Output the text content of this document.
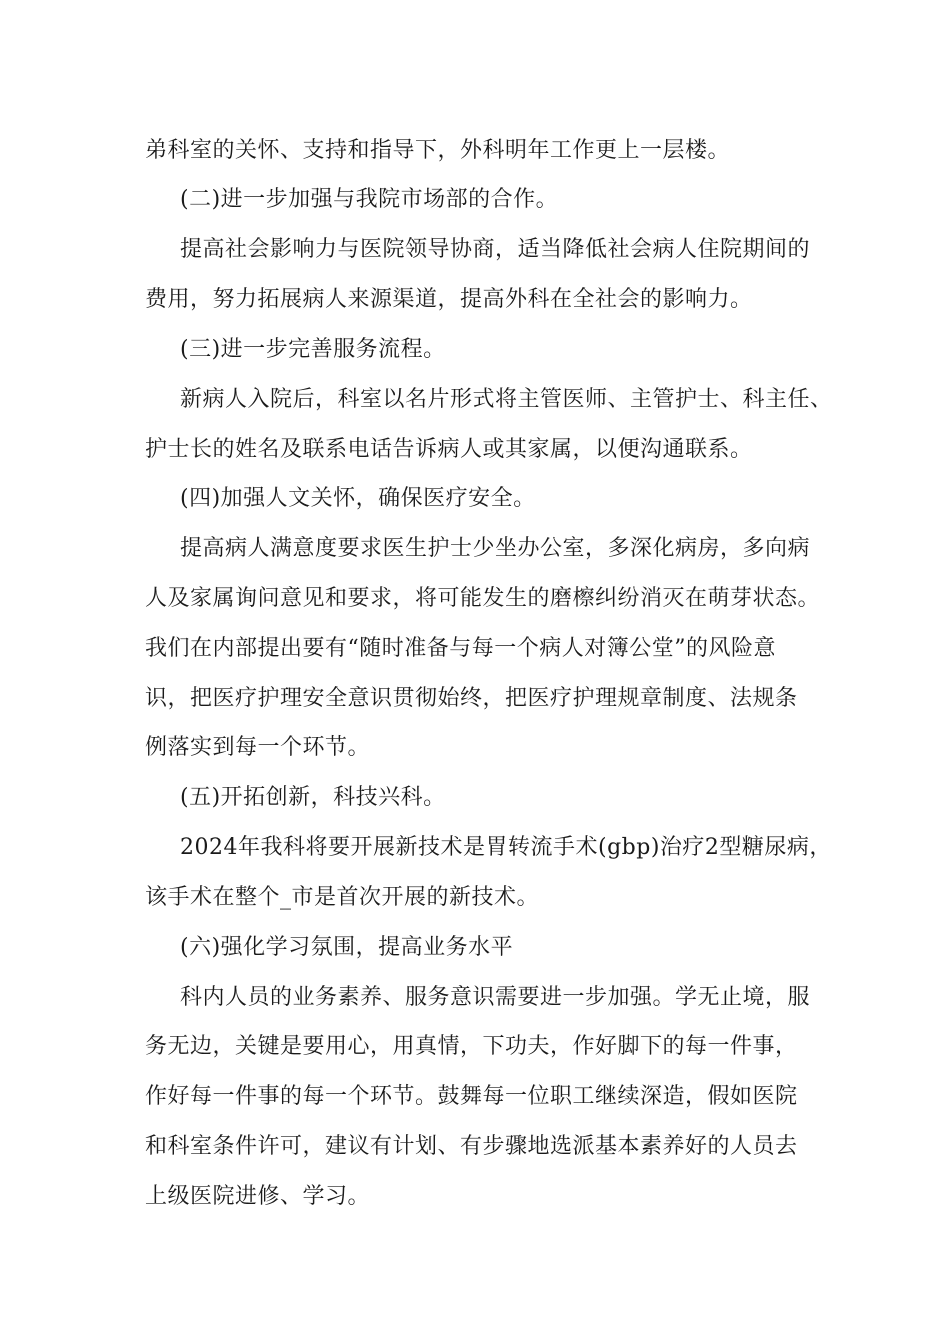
弟科室的关怀、支持和指导下，外科明年工作更上一层楼。
(二)进一步加强与我院市场部的合作。
提高社会影响力与医院领导协商，适当降低社会病人住院期间的
费用，努力拓展病人来源渠道，提高外科在全社会的影响力。
(三)进一步完善服务流程。
新病人入院后，科室以名片形式将主管医师、主管护士、科主任、
护士长的姓名及联系电话告诉病人或其家属，以便沟通联系。
(四)加强人文关怀，确保医疗安全。
提高病人满意度要求医生护士少坐办公室，多深化病房，多向病
人及家属询问意见和要求，将可能发生的磨檫纠纷消灭在萌芽状态。
我们在内部提出要有“随时准备与每一个病人对簿公堂”的风险意
识，把医疗护理安全意识贯彻始终，把医疗护理规章制度、法规条
例落实到每一个环节。
(五)开拓创新，科技兴科。
2024年我科将要开展新技术是胃转流手术(gbp)治疗2型糖尿病，
该手术在整个_市是首次开展的新技术。
(六)强化学习氛围，提高业务水平
科内人员的业务素养、服务意识需要进一步加强。学无止境，服
务无边，关键是要用心，用真情，下功夫，作好脚下的每一件事，
作好每一件事的每一个环节。鼓舞每一位职工继续深造，假如医院
和科室条件许可，建议有计划、有步骤地选派基本素养好的人员去
上级医院进修、学习。
